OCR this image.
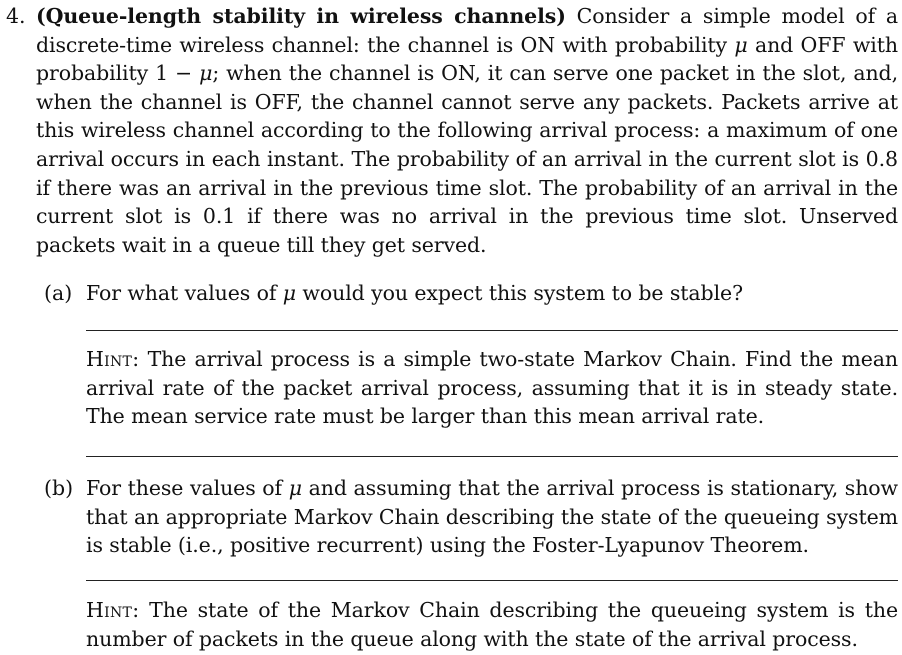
4. (Queue-length stability in wireless channels) Consider a simple model of a discrete-time wireless channel: the channel is ON with probability μ and OFF with probability 1 − μ; when the channel is ON, it can serve one packet in the slot, and, when the channel is OFF, the channel cannot serve any packets. Packets arrive at this wireless channel according to the following arrival process: a maximum of one arrival occurs in each instant. The probability of an arrival in the current slot is 0.8 if there was an arrival in the previous time slot. The probability of an arrival in the current slot is 0.1 if there was no arrival in the previous time slot. Unserved packets wait in a queue till they get served.
(a) For what values of μ would you expect this system to be stable?
Hint: The arrival process is a simple two-state Markov Chain. Find the mean arrival rate of the packet arrival process, assuming that it is in steady state. The mean service rate must be larger than this mean arrival rate.
(b) For these values of μ and assuming that the arrival process is stationary, show that an appropriate Markov Chain describing the state of the queueing system is stable (i.e., positive recurrent) using the Foster-Lyapunov Theorem.
Hint: The state of the Markov Chain describing the queueing system is the number of packets in the queue along with the state of the arrival process.
